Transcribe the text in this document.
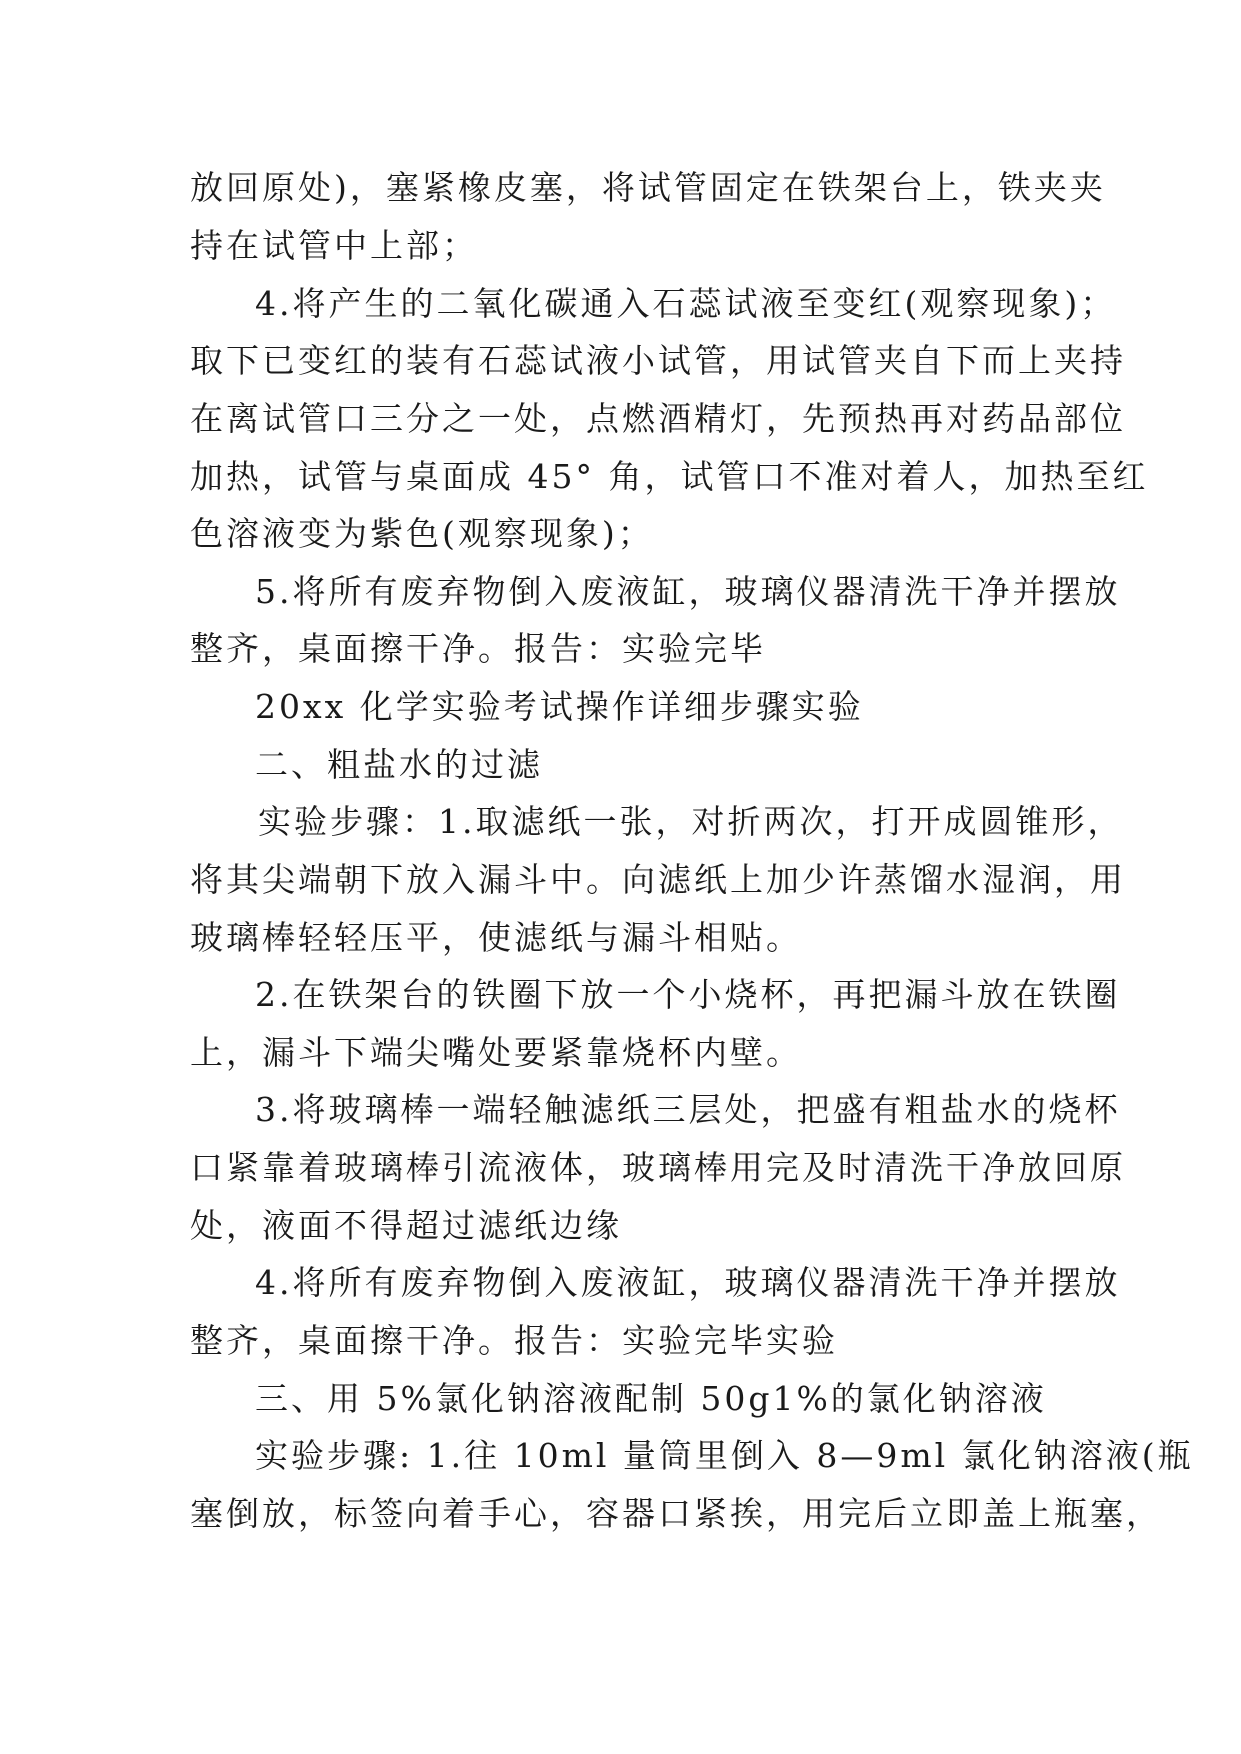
放回原处)，塞紧橡皮塞，将试管固定在铁架台上，铁夹夹
持在试管中上部；
4.将产生的二氧化碳通入石蕊试液至变红(观察现象)；
取下已变红的装有石蕊试液小试管，用试管夹自下而上夹持
在离试管口三分之一处，点燃酒精灯，先预热再对药品部位
加热，试管与桌面成 45° 角，试管口不准对着人，加热至红
色溶液变为紫色(观察现象)；
5.将所有废弃物倒入废液缸，玻璃仪器清洗干净并摆放
整齐，桌面擦干净。报告：实验完毕
20xx 化学实验考试操作详细步骤实验
二、粗盐水的过滤
实验步骤：1.取滤纸一张，对折两次，打开成圆锥形，
将其尖端朝下放入漏斗中。向滤纸上加少许蒸馏水湿润，用
玻璃棒轻轻压平，使滤纸与漏斗相贴。
2.在铁架台的铁圈下放一个小烧杯，再把漏斗放在铁圈
上，漏斗下端尖嘴处要紧靠烧杯内壁。
3.将玻璃棒一端轻触滤纸三层处，把盛有粗盐水的烧杯
口紧靠着玻璃棒引流液体，玻璃棒用完及时清洗干净放回原
处，液面不得超过滤纸边缘
4.将所有废弃物倒入废液缸，玻璃仪器清洗干净并摆放
整齐，桌面擦干净。报告：实验完毕实验
三、用 5%氯化钠溶液配制 50g1%的氯化钠溶液
实验步骤: 1.往 10ml 量筒里倒入 8—9ml 氯化钠溶液(瓶
塞倒放，标签向着手心，容器口紧挨，用完后立即盖上瓶塞，
